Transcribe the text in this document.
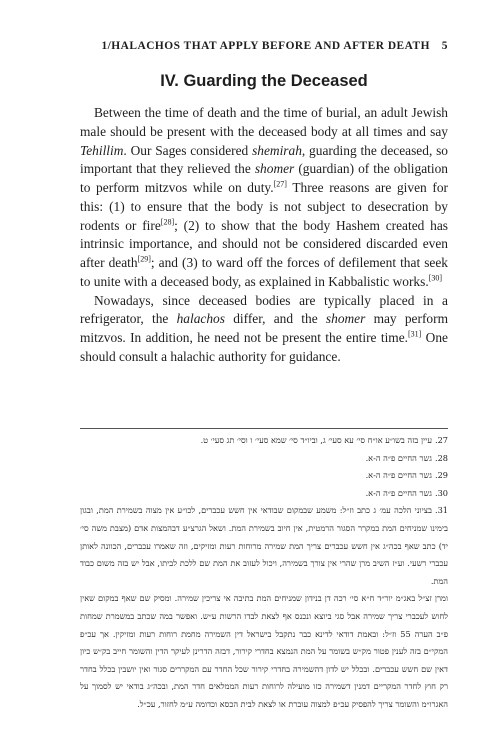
1/HALACHOS THAT APPLY BEFORE AND AFTER DEATH 5
IV. Guarding the Deceased

Between the time of death and the time of burial, an adult Jewish male should be present with the deceased body at all times and say Tehillim. Our Sages considered shemirah, guarding the deceased, so important that they relieved the shomer (guardian) of the obligation to perform mitzvos while on duty.[27] Three reasons are given for this: (1) to ensure that the body is not subject to desecration by rodents or fire[28]; (2) to show that the body Hashem created has intrinsic importance, and should not be considered discarded even after death[29]; and (3) to ward off the forces of defilement that seek to unite with a deceased body, as explained in Kabbalistic works.[30]

Nowadays, since deceased bodies are typically placed in a refrigerator, the halachos differ, and the shomer may perform mitzvos. In addition, he need not be present the entire time.[31] One should consult a halachic authority for guidance.

27.עיין בזה בשו״ע או״ח סי׳ עא סעי׳ ג, וביו״ד סי׳ שמא סעי׳ ו וסי׳ תג סעי׳ ט.
28.גשר החיים פ״ה ה-א.
29.גשר החיים פ״ה ה-א.
30.גשר החיים פ״ה ה-א.
31.בציוני הלכה עמ׳ ג כתב וז״ל: משמע שבמקום שבודאי אין חשש עכברים, לכו״ע אין מצוה בשמירת המת, ובגון בימינו שמניחים המת במקרר הסגור הרמטית, אין חיוב בשמירת המת. ושאל הגרצ״ע דבהמצות אדם (מצבת משה סי׳ יד) כתב שאף בכה״ג אין חשש עכברים צריך המת שמירה מרוחות רעות ומזיקים, וזה שאמרו עכברים, הכוונה לאותן עכברי רשעי. וע״ז השיב מרן שהרי אין צורך בשמירה, ויכול לעזוב את המת שם ללכת לביתו, אבל יש בזה משום כבוד המת.
ומרן זצ״ל באג״מ יור״ד ח״א סי׳ רכה דן בנידון שמניחים המת בתיבה אי צריכין שמירה. ומסיק שם שאף במקום שאין לחוש לעכברי צריך שמירה אבל סגי ביוצא ונכנס אף לצאת לבדו הרשות ע״ש. ואפשר במה שכתב במשמרת שמחות פ״ב הערה 55 וז״ל: ובאמת דודאי לדינא כבר נתקבל בישראל דין השמירה מחמת רוחות רעות ומזיקין. אך עכ״פ המקי״ם בזה לענין פטור מק״ש בשומר על המת הנמצא בחדרי קירור, דבזה הדרינן לעיקר הדין והשומר חייב בק״ש כיון דאין שם חשש עכברים. ובכלל יש לדון דהשמירה בחדרי קירור שכל החדר עם המקררים סגור ואין יושבין בכלל בחדר רק חוץ לחדר המקריים דמנין דשמירה כזו מועילה לרוחות רעות הממלאים חדר המת, ובכה״ג בודאי יש לסמוך על האגרו״מ והשומר צריך להפסיק עכ״פ למצוה עוברת או לצאת לבית הכסא וכדומה ע״מ לחזור, עכ״ל.
